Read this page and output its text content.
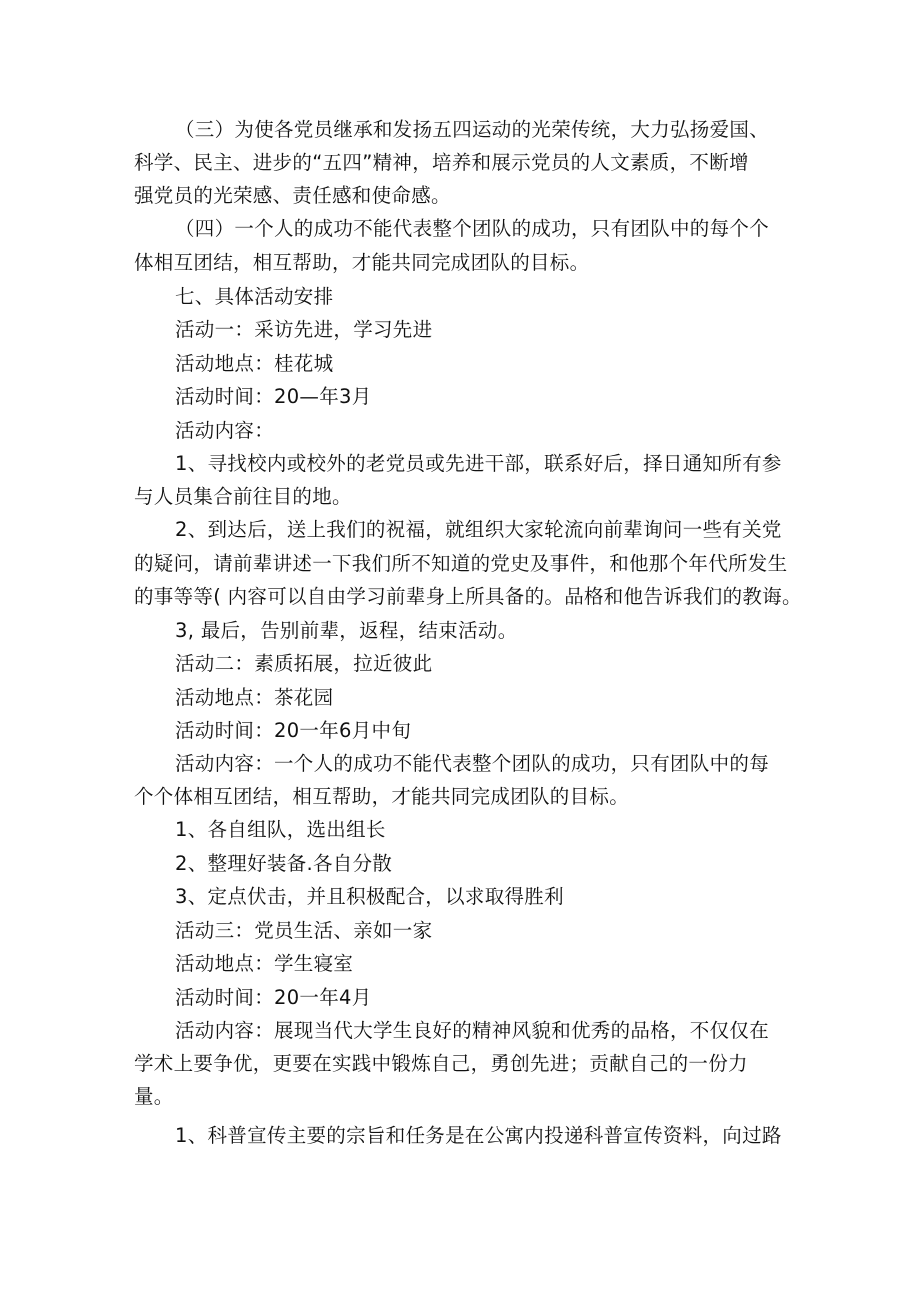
（三）为使各党员继承和发扬五四运动的光荣传统，大力弘扬爱国、

科学、民主、进步的“五四”精神，培养和展示党员的人文素质，不断增

强党员的光荣感、责任感和使命感。

（四）一个人的成功不能代表整个团队的成功，只有团队中的每个个

体相互团结，相互帮助，才能共同完成团队的目标。

七、具体活动安排

活动一：采访先进，学习先进

活动地点：桂花城

活动时间：20—年3月

活动内容：

1、寻找校内或校外的老党员或先进干部，联系好后，择日通知所有参

与人员集合前往目的地。

2、到达后，送上我们的祝福，就组织大家轮流向前辈询问一些有关党

的疑问，请前辈讲述一下我们所不知道的党史及事件，和他那个年代所发生

的事等等( 内容可以自由学习前辈身上所具备的。品格和他告诉我们的教诲。

3, 最后，告别前辈，返程，结束活动。

活动二：素质拓展，拉近彼此

活动地点：茶花园

活动时间：20一年6月中旬

活动内容：一个人的成功不能代表整个团队的成功，只有团队中的每

个个体相互团结，相互帮助，才能共同完成团队的目标。

1、各自组队，选出组长

2、整理好装备.各自分散

3、定点伏击，并且积极配合，以求取得胜利

活动三：党员生活、亲如一家

活动地点：学生寝室

活动时间：20一年4月

活动内容：展现当代大学生良好的精神风貌和优秀的品格，不仅仅在

学术上要争优，更要在实践中锻炼自己，勇创先进；贡献自己的一份力

量。

1、科普宣传主要的宗旨和任务是在公寓内投递科普宣传资料，向过路
